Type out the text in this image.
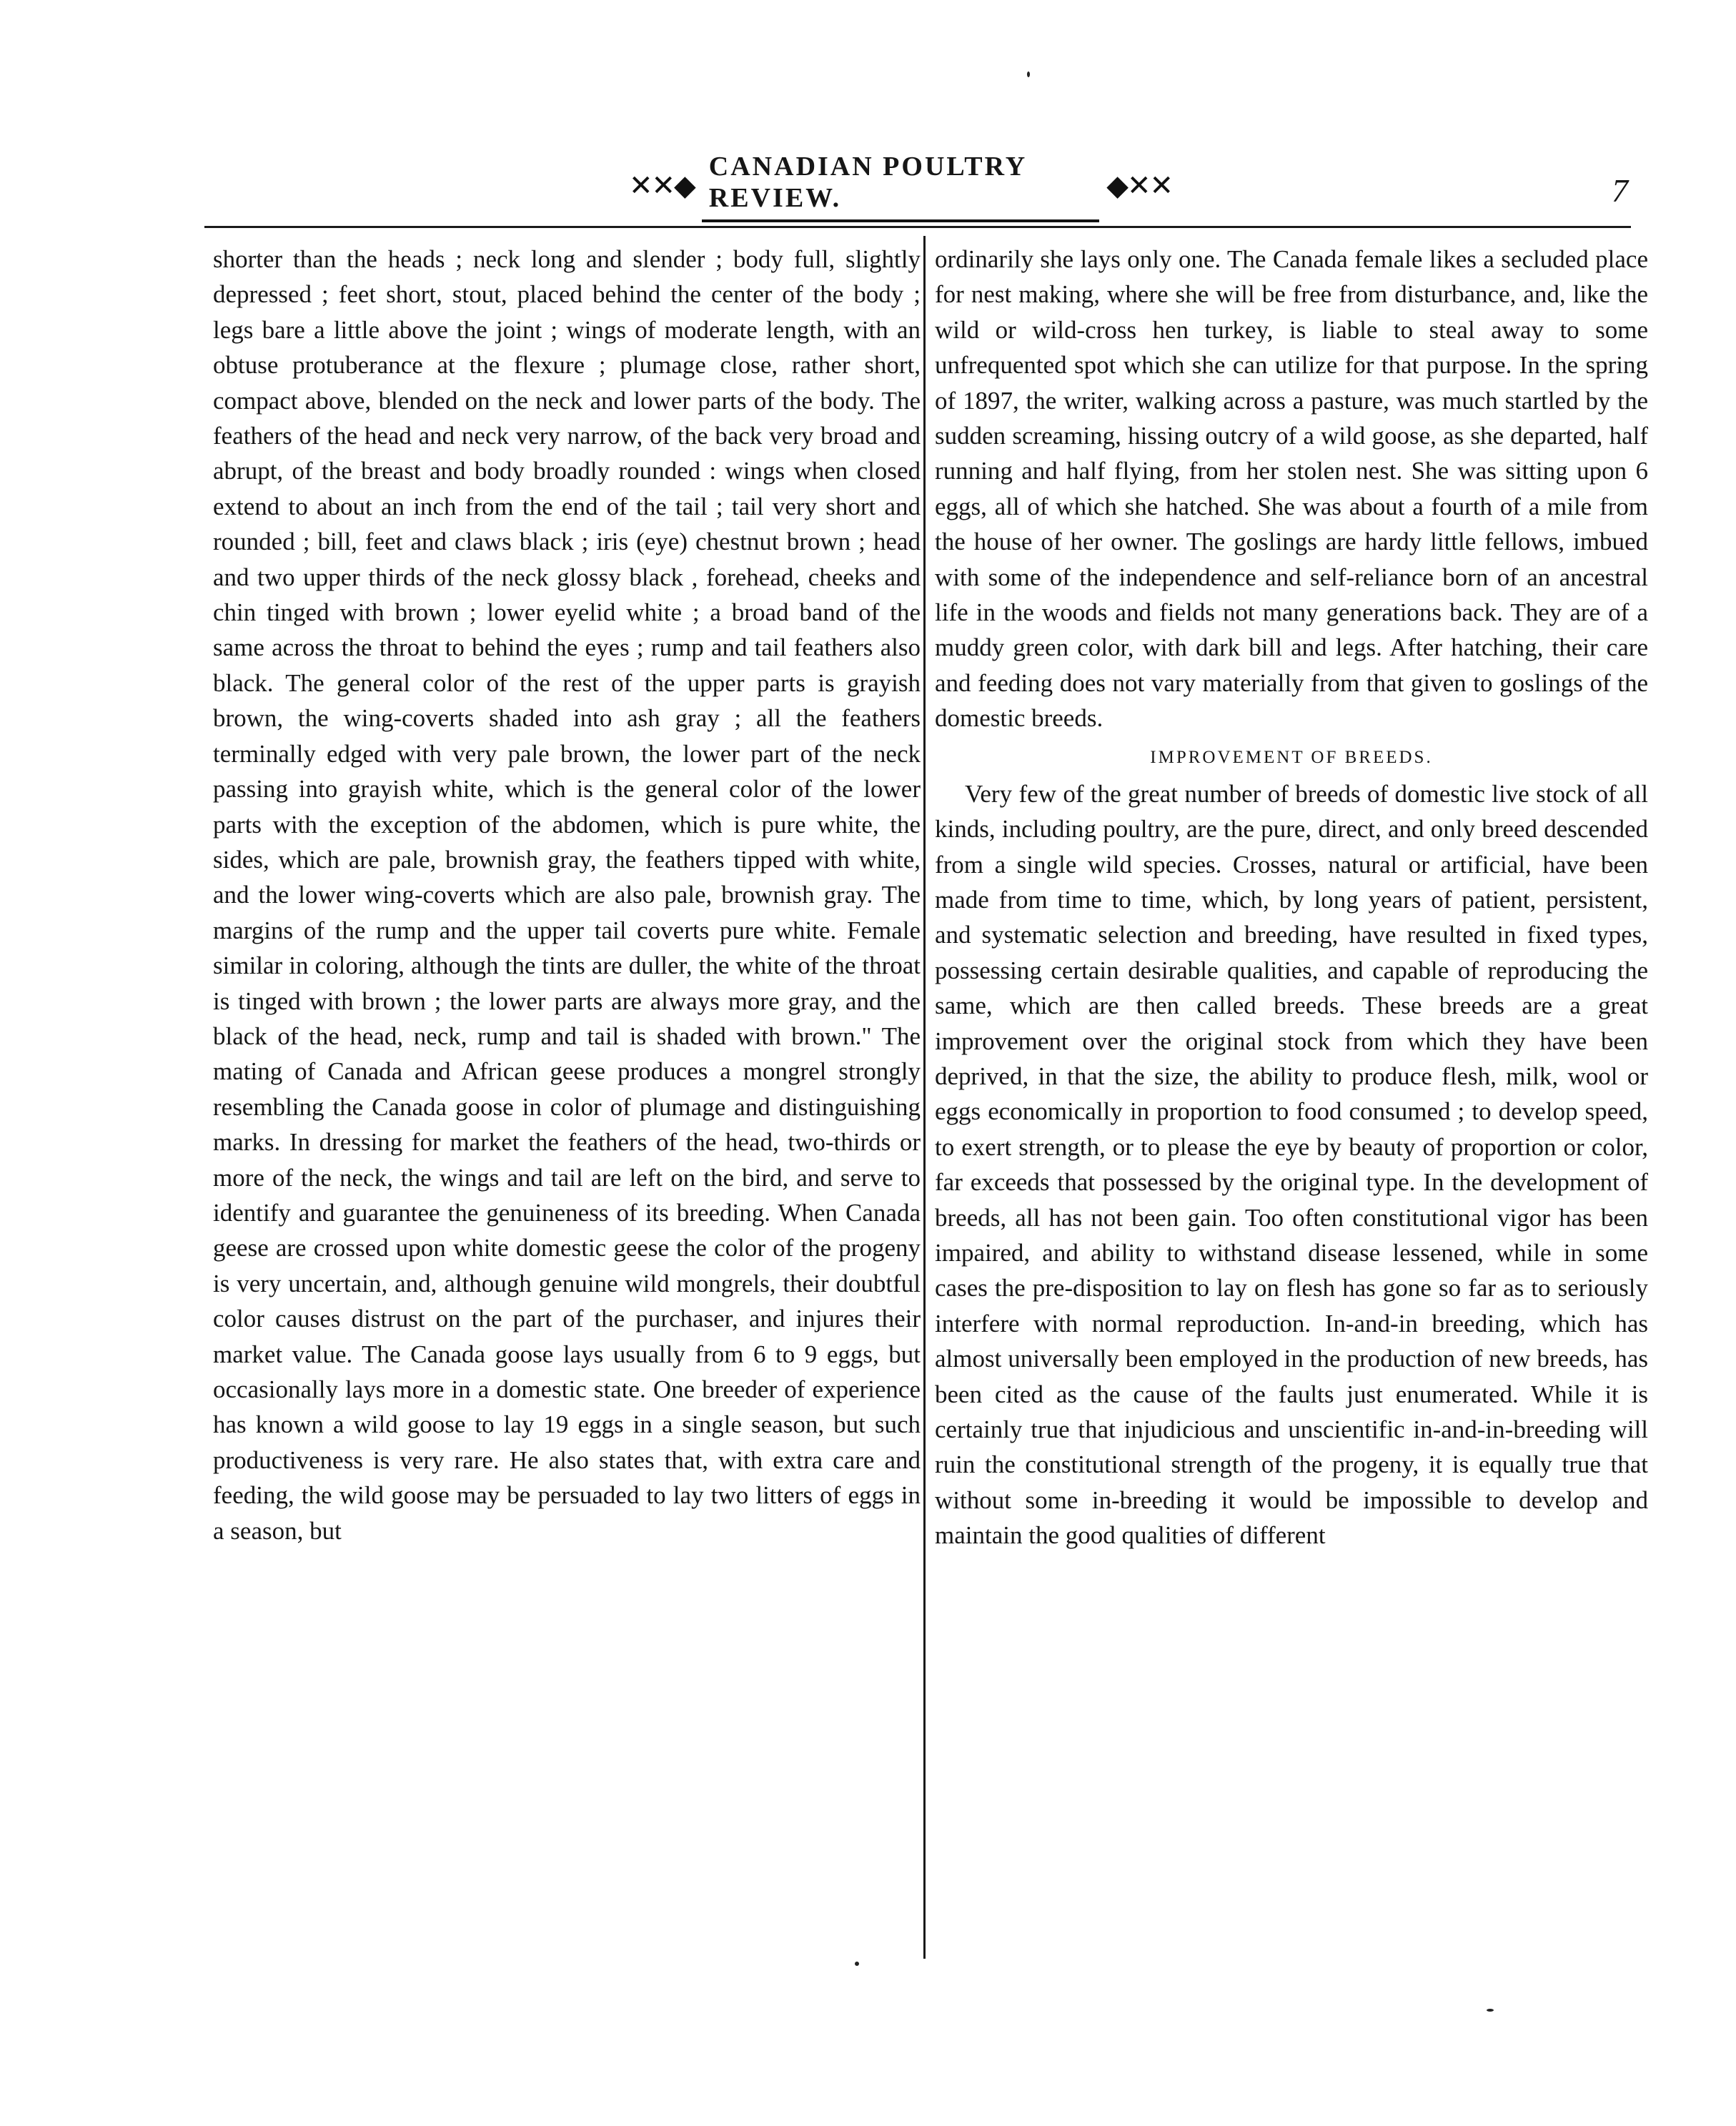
✕✕◆
CANADIAN POULTRY REVIEW.	◆✕✕	7

shorter than the heads ; neck long and slender ; body full, slightly depressed ; feet short, stout, placed behind the center of the body ; legs bare a little above the joint ; wings of moderate length, with an obtuse protuberance at the flexure ; plumage close, rather short, compact above, blended on the neck and lower parts of the body. The feathers of the head and neck very narrow, of the back very broad and abrupt, of the breast and body broadly rounded : wings when closed extend to about an inch from the end of the tail ; tail very short and rounded ; bill, feet and claws black ; iris (eye) chestnut brown ; head and two upper thirds of the neck glossy black , forehead, cheeks and chin tinged with brown ; lower eyelid white ; a broad band of the same across the throat to behind the eyes ; rump and tail feathers also black. The general color of the rest of the upper parts is grayish brown, the wing-coverts shaded into ash gray ; all the feathers terminally edged with very pale brown, the lower part of the neck passing into grayish white, which is the general color of the lower parts with the exception of the abdomen, which is pure white, the sides, which are pale, brownish gray, the feathers tipped with white, and the lower wing-coverts which are also pale, brownish gray. The margins of the rump and the upper tail coverts pure white. Female similar in coloring, although the tints are duller, the white of the throat is tinged with brown ; the lower parts are always more gray, and the black of the head, neck, rump and tail is shaded with brown." The mating of Canada and African geese produces a mongrel strongly resembling the Canada goose in color of plumage and distinguishing marks. In dressing for market the feathers of the head, two-thirds or more of the neck, the wings and tail are left on the bird, and serve to identify and guarantee the genuineness of its breeding. When Canada geese are crossed upon white domestic geese the color of the progeny is very uncertain, and, although genuine wild mongrels, their doubtful color causes distrust on the part of the purchaser, and injures their market value. The Canada goose lays usually from 6 to 9 eggs, but occasionally lays more in a domestic state. One breeder of experience has known a wild goose to lay 19 eggs in a single season, but such productiveness is very rare. He also states that, with extra care and feeding, the wild goose may be persuaded to lay two litters of eggs in a season, but

ordinarily she lays only one. The Canada female likes a secluded place for nest making, where she will be free from disturbance, and, like the wild or wild-cross hen turkey, is liable to steal away to some unfrequented spot which she can utilize for that purpose. In the spring of 1897, the writer, walking across a pasture, was much startled by the sudden screaming, hissing outcry of a wild goose, as she departed, half running and half flying, from her stolen nest. She was sitting upon 6 eggs, all of which she hatched. She was about a fourth of a mile from the house of her owner. The goslings are hardy little fellows, imbued with some of the independence and self-reliance born of an ancestral life in the woods and fields not many generations back. They are of a muddy green color, with dark bill and legs. After hatching, their care and feeding does not vary materially from that given to goslings of the domestic breeds.

IMPROVEMENT OF BREEDS.

Very few of the great number of breeds of domestic live stock of all kinds, including poultry, are the pure, direct, and only breed descended from a single wild species. Crosses, natural or artificial, have been made from time to time, which, by long years of patient, persistent, and systematic selection and breeding, have resulted in fixed types, possessing certain desirable qualities, and capable of reproducing the same, which are then called breeds. These breeds are a great improvement over the original stock from which they have been deprived, in that the size, the ability to produce flesh, milk, wool or eggs economically in proportion to food consumed ; to develop speed, to exert strength, or to please the eye by beauty of proportion or color, far exceeds that possessed by the original type. In the development of breeds, all has not been gain. Too often constitutional vigor has been impaired, and ability to withstand disease lessened, while in some cases the pre-disposition to lay on flesh has gone so far as to seriously interfere with normal reproduction. In-and-in breeding, which has almost universally been employed in the production of new breeds, has been cited as the cause of the faults just enumerated. While it is certainly true that injudicious and unscientific in-and-in-breeding will ruin the constitutional strength of the progeny, it is equally true that without some in-breeding it would be impossible to develop and maintain the good qualities of different
